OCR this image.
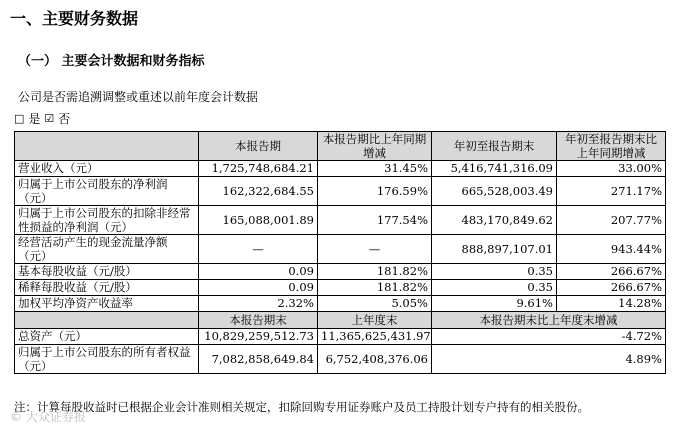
一、主要财务数据
（一） 主要会计数据和财务指标
公司是否需追溯调整或重述以前年度会计数据
□ 是 ☑ 否
	本报告期	本报告期比上年同期增减	年初至报告期末	年初至报告期末比上年同期增减
营业收入（元）	1,725,748,684.21	31.45%	5,416,741,316.09	33.00%
归属于上市公司股东的净利润（元）	162,322,684.55	176.59%	665,528,003.49	271.17%
归属于上市公司股东的扣除非经常性损益的净利润（元）	165,088,001.89	177.54%	483,170,849.62	207.77%
经营活动产生的现金流量净额（元）	—	—	888,897,107.01	943.44%
基本每股收益（元/股）	0.09	181.82%	0.35	266.67%
稀释每股收益（元/股）	0.09	181.82%	0.35	266.67%
加权平均净资产收益率	2.32%	5.05%	9.61%	14.28%
	本报告期末	上年度末	本报告期末比上年度末增减	
总资产（元）	10,829,259,512.73	11,365,625,431.97	-4.72%	
归属于上市公司股东的所有者权益（元）	7,082,858,649.84	6,752,408,376.06	4.89%	
注：计算每股收益时已根据企业会计准则相关规定，扣除回购专用证券账户及员工持股计划专户持有的相关股份。
© 大众证券报
